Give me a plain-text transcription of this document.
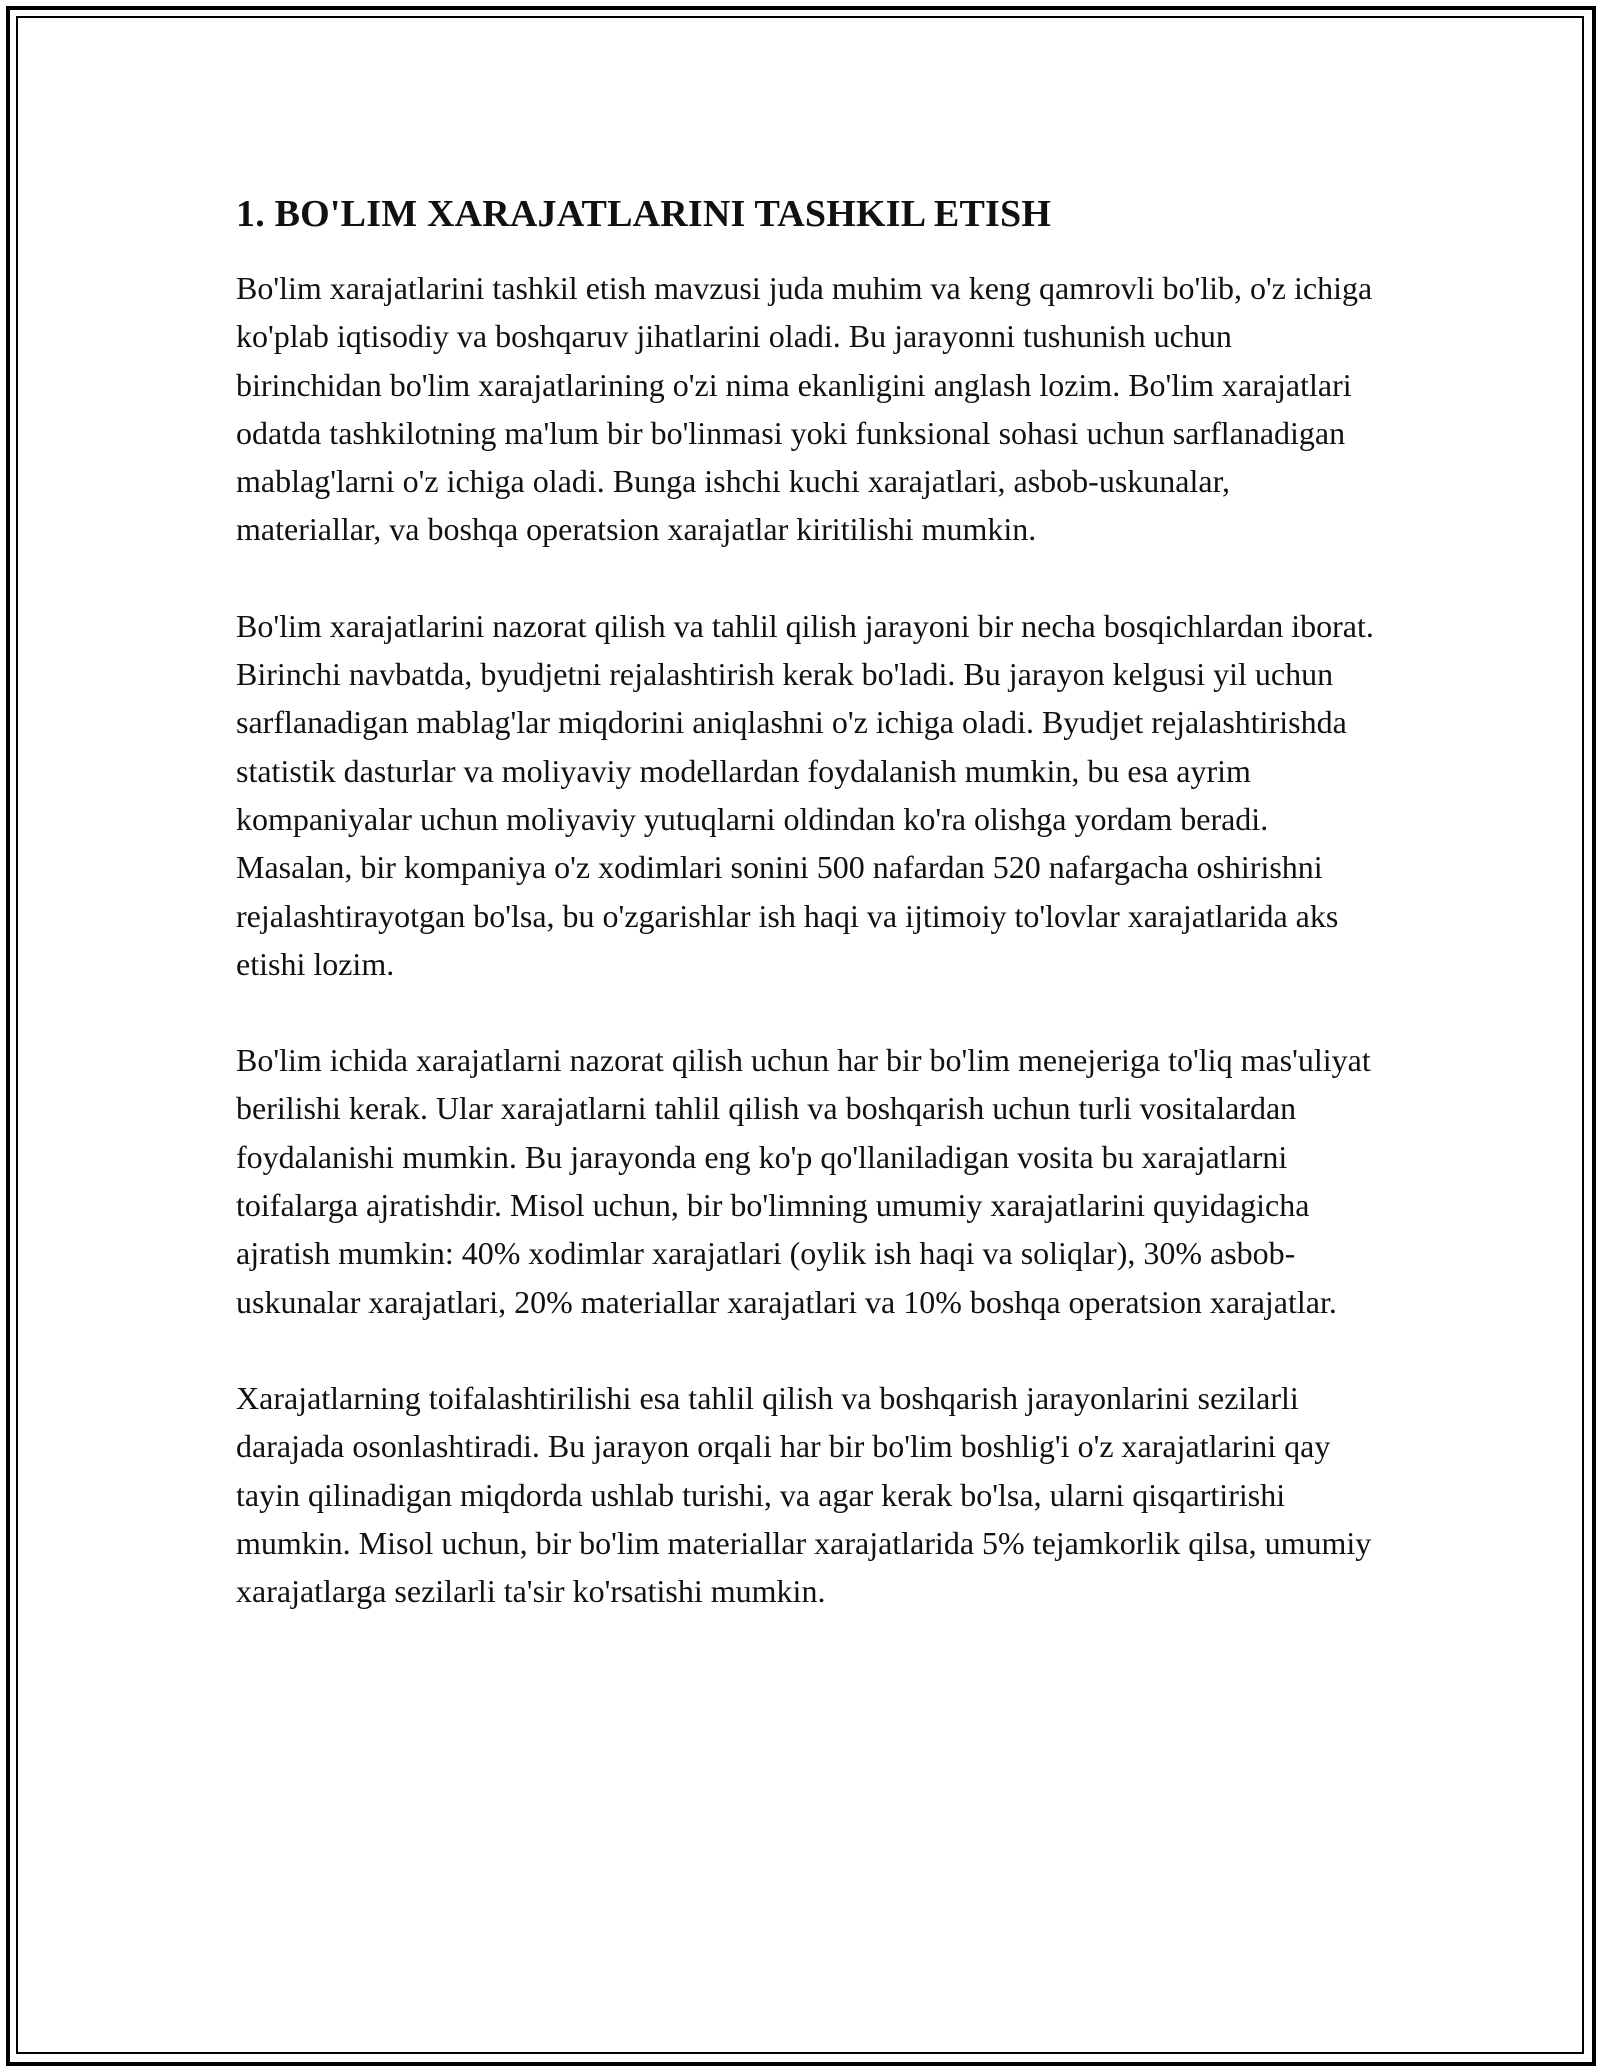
1. BO'LIM XARAJATLARINI TASHKIL ETISH

Bo'lim xarajatlarini tashkil etish mavzusi juda muhim va keng qamrovli bo'lib, o'z ichiga ko'plab iqtisodiy va boshqaruv jihatlarini oladi. Bu jarayonni tushunish uchun birinchidan bo'lim xarajatlarining o'zi nima ekanligini anglash lozim. Bo'lim xarajatlari odatda tashkilotning ma'lum bir bo'linmasi yoki funksional sohasi uchun sarflanadigan mablag'larni o'z ichiga oladi. Bunga ishchi kuchi xarajatlari, asbob-uskunalar, materiallar, va boshqa operatsion xarajatlar kiritilishi mumkin.

Bo'lim xarajatlarini nazorat qilish va tahlil qilish jarayoni bir necha bosqichlardan iborat. Birinchi navbatda, byudjetni rejalashtirish kerak bo'ladi. Bu jarayon kelgusi yil uchun sarflanadigan mablag'lar miqdorini aniqlashni o'z ichiga oladi. Byudjet rejalashtirishda statistik dasturlar va moliyaviy modellardan foydalanish mumkin, bu esa ayrim kompaniyalar uchun moliyaviy yutuqlarni oldindan ko'ra olishga yordam beradi. Masalan, bir kompaniya o'z xodimlari sonini 500 nafardan 520 nafargacha oshirishni rejalashtirayotgan bo'lsa, bu o'zgarishlar ish haqi va ijtimoiy to'lovlar xarajatlarida aks etishi lozim.

Bo'lim ichida xarajatlarni nazorat qilish uchun har bir bo'lim menejeriga to'liq mas'uliyat berilishi kerak. Ular xarajatlarni tahlil qilish va boshqarish uchun turli vositalardan foydalanishi mumkin. Bu jarayonda eng ko'p qo'llaniladigan vosita bu xarajatlarni toifalarga ajratishdir. Misol uchun, bir bo'limning umumiy xarajatlarini quyidagicha ajratish mumkin: 40% xodimlar xarajatlari (oylik ish haqi va soliqlar), 30% asbob-uskunalar xarajatlari, 20% materiallar xarajatlari va 10% boshqa operatsion xarajatlar.

Xarajatlarning toifalashtirilishi esa tahlil qilish va boshqarish jarayonlarini sezilarli darajada osonlashtiradi. Bu jarayon orqali har bir bo'lim boshlig'i o'z xarajatlarini qay tayin qilinadigan miqdorda ushlab turishi, va agar kerak bo'lsa, ularni qisqartirishi mumkin. Misol uchun, bir bo'lim materiallar xarajatlarida 5% tejamkorlik qilsa, umumiy xarajatlarga sezilarli ta'sir ko'rsatishi mumkin.
